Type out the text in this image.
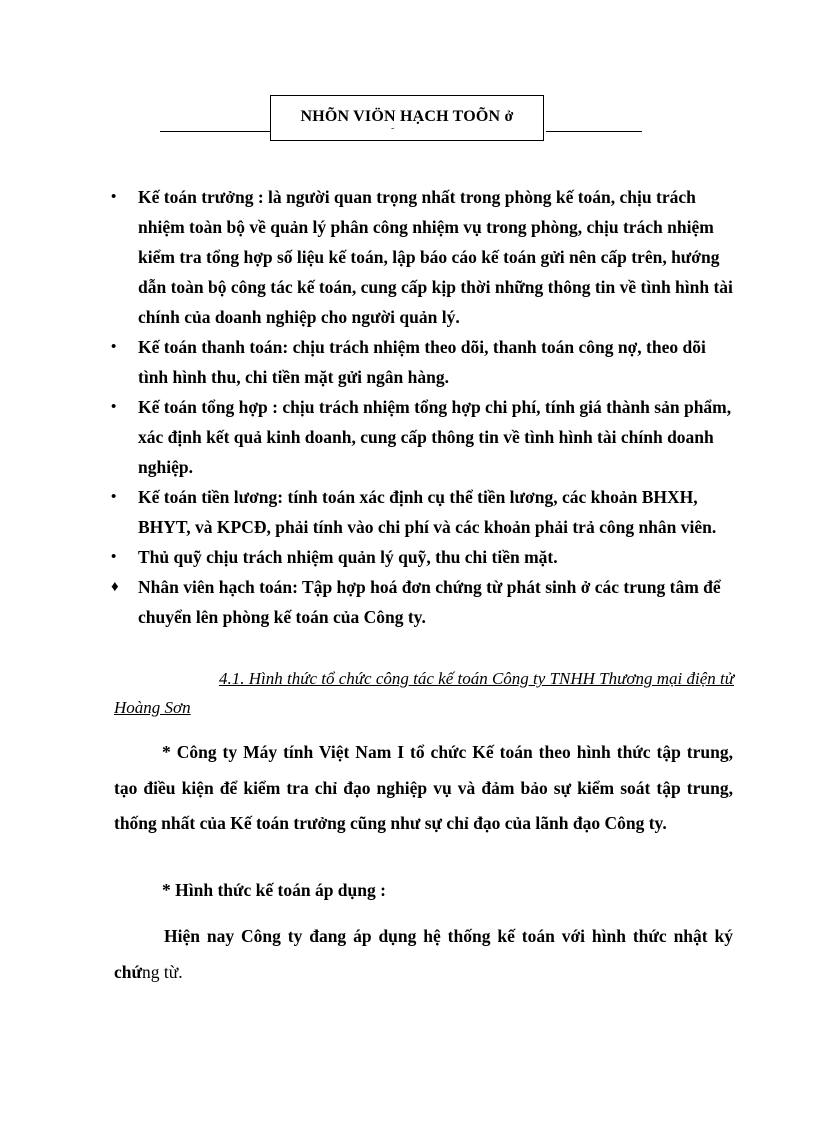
NHÕN VIÖN HẠCH TOÕN ở
˜
•	Kế toán trưởng : là người quan trọng nhất trong phòng kế toán, chịu trách nhiệm toàn bộ về quản lý phân công nhiệm vụ trong phòng, chịu trách nhiệm kiểm tra tổng hợp số liệu kế toán, lập báo cáo kế toán gửi nên cấp trên, hướng dẫn toàn bộ công tác kế toán, cung cấp kịp thời những thông tin về tình hình tài chính của doanh nghiệp cho người quản lý.
•	Kế toán thanh toán: chịu trách nhiệm theo dõi, thanh toán công nợ, theo dõi tình hình thu, chi tiền mặt gửi ngân hàng.
•	Kế toán tổng hợp : chịu trách nhiệm tổng hợp chi phí, tính giá thành sản phẩm, xác định kết quả kinh doanh, cung cấp thông tin về tình hình tài chính doanh nghiệp.
•	Kế toán tiền lương: tính toán xác định cụ thể tiền lương, các khoản BHXH, BHYT, và KPCĐ, phải tính vào chi phí và các khoản phải trả công nhân viên.
•	Thủ quỹ chịu trách nhiệm quản lý quỹ, thu chi tiền mặt.
♦	Nhân viên hạch toán: Tập hợp hoá đơn chứng từ phát sinh ở các trung tâm để chuyển lên phòng kế toán của Công ty.
4.1. Hình thức tổ chức công tác kế toán Công ty TNHH Thương mại điện tử
Hoàng Sơn

* Công ty Máy tính Việt Nam I tổ chức Kế toán theo hình thức tập trung, tạo điều kiện để kiểm tra chỉ đạo nghiệp vụ và đảm bảo sự kiểm soát tập trung, thống nhất của Kế toán trưởng cũng như sự chỉ đạo của lãnh đạo Công ty.

* Hình thức kế toán áp dụng :

Hiện nay Công ty đang áp dụng hệ thống kế toán với hình thức nhật ký chứng từ.
